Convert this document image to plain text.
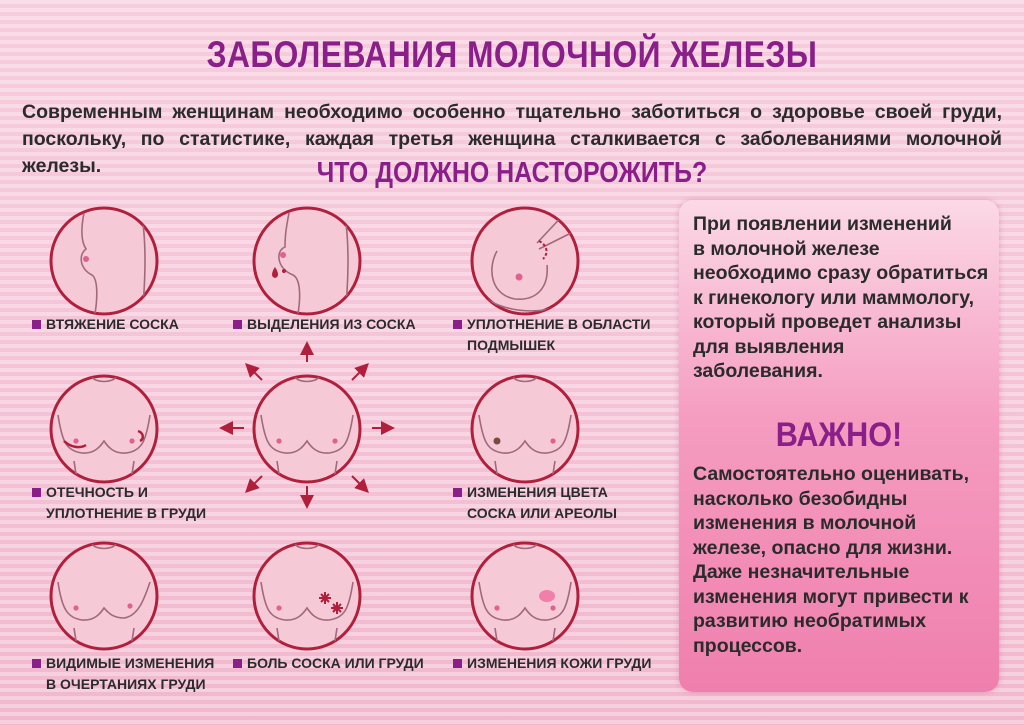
ЗАБОЛЕВАНИЯ МОЛОЧНОЙ ЖЕЛЕЗЫ
Современным женщинам необходимо особенно тщательно заботиться о здоровье своей груди, поскольку, по статистике, каждая третья женщина сталкивается с заболеваниями молочной железы.	ЧТО ДОЛЖНО НАСТОРОЖИТЬ?
ВТЯЖЕНИЕ СОСКА	ВЫДЕЛЕНИЯ ИЗ СОСКА	УПЛОТНЕНИЕ В ОБЛАСТИ
ПОДМЫШЕК
ОТЕЧНОСТЬ И
УПЛОТНЕНИЕ В ГРУДИ
ИЗМЕНЕНИЯ ЦВЕТА
СОСКА ИЛИ АРЕОЛЫ
ВИДИМЫЕ ИЗМЕНЕНИЯ
В ОЧЕРТАНИЯХ ГРУДИ
БОЛЬ СОСКА ИЛИ ГРУДИ	ИЗМЕНЕНИЯ КОЖИ ГРУДИ
При появлении изменений
в молочной железе
необходимо сразу обратиться
к гинекологу или маммологу,
который проведет анализы
для выявления
заболевания.
ВАЖНО!
Самостоятельно оценивать,
насколько безобидны
изменения в молочной
железе, опасно для жизни.
Даже незначительные
изменения могут привести к
развитию необратимых
процессов.
